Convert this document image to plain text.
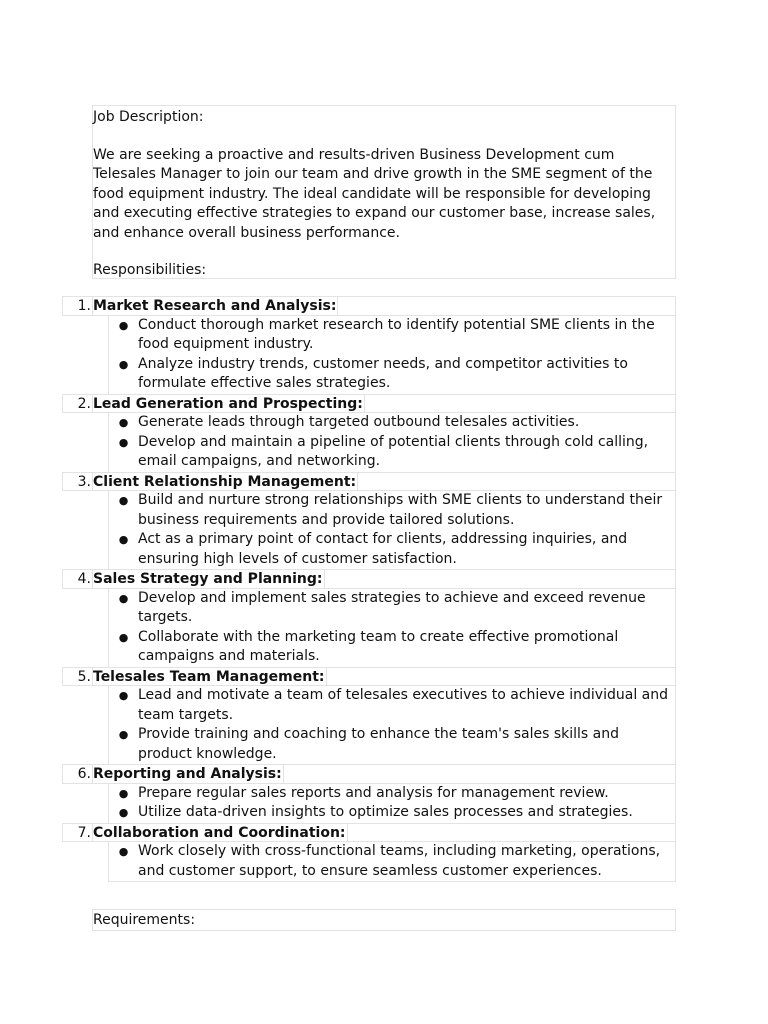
Job Description:

We are seeking a proactive and results-driven Business Development cum Telesales Manager to join our team and drive growth in the SME segment of the food equipment industry. The ideal candidate will be responsible for developing and executing effective strategies to expand our customer base, increase sales, and enhance overall business performance.

Responsibilities:

1. Market Research and Analysis:
● Conduct thorough market research to identify potential SME clients in the food equipment industry.
● Analyze industry trends, customer needs, and competitor activities to formulate effective sales strategies.
2. Lead Generation and Prospecting:
● Generate leads through targeted outbound telesales activities.
● Develop and maintain a pipeline of potential clients through cold calling, email campaigns, and networking.
3. Client Relationship Management:
● Build and nurture strong relationships with SME clients to understand their business requirements and provide tailored solutions.
● Act as a primary point of contact for clients, addressing inquiries, and ensuring high levels of customer satisfaction.
4. Sales Strategy and Planning:
● Develop and implement sales strategies to achieve and exceed revenue targets.
● Collaborate with the marketing team to create effective promotional campaigns and materials.
5. Telesales Team Management:
● Lead and motivate a team of telesales executives to achieve individual and team targets.
● Provide training and coaching to enhance the team's sales skills and product knowledge.
6. Reporting and Analysis:
● Prepare regular sales reports and analysis for management review.
● Utilize data-driven insights to optimize sales processes and strategies.
7. Collaboration and Coordination:
● Work closely with cross-functional teams, including marketing, operations, and customer support, to ensure seamless customer experiences.
Requirements:
